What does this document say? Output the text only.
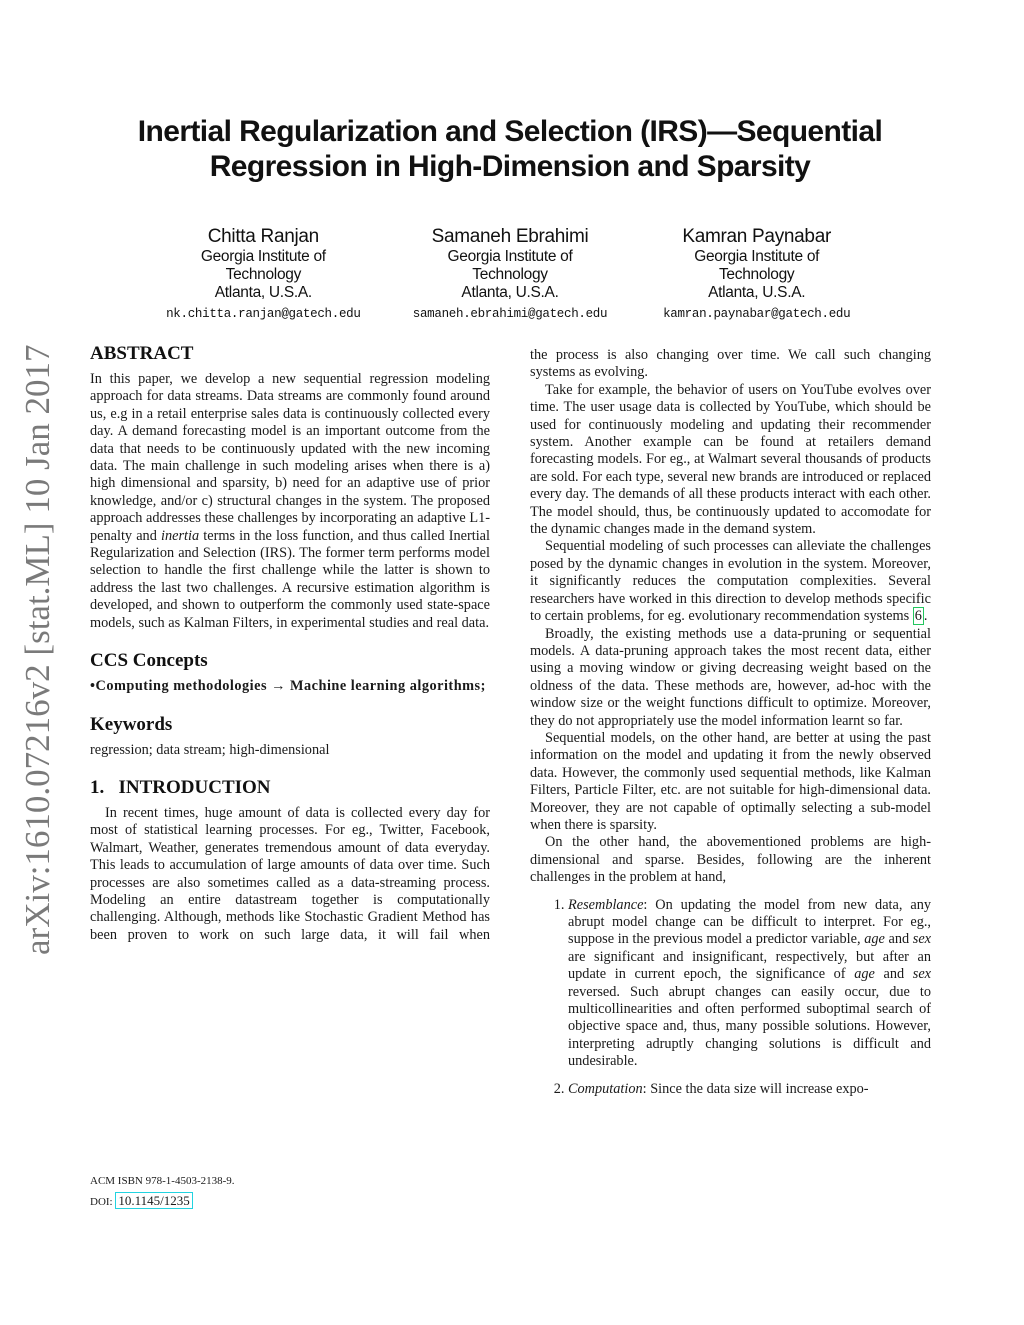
Inertial Regularization and Selection (IRS)—Sequential
Regression in High-Dimension and Sparsity
Chitta Ranjan
Georgia Institute of
Technology
Atlanta, U.S.A.
nk.chitta.ranjan@gatech.edu
Samaneh Ebrahimi
Georgia Institute of
Technology
Atlanta, U.S.A.
samaneh.ebrahimi@gatech.edu
Kamran Paynabar
Georgia Institute of
Technology
Atlanta, U.S.A.
kamran.paynabar@gatech.edu
arXiv:1610.07216v2 [stat.ML] 10 Jan 2017 ABSTRACT

In this paper, we develop a new sequential regression modeling approach for data streams. Data streams are commonly found around us, e.g in a retail enterprise sales data is continuously collected every day. A demand forecasting model is an important outcome from the data that needs to be continuously updated with the new incoming data. The main challenge in such modeling arises when there is a) high dimensional and sparsity, b) need for an adaptive use of prior knowledge, and/or c) structural changes in the system. The proposed approach addresses these challenges by incorporating an adaptive L1-penalty and inertia terms in the loss function, and thus called Inertial Regularization and Selection (IRS). The former term performs model selection to handle the first challenge while the latter is shown to address the last two challenges. A recursive estimation algorithm is developed, and shown to outperform the commonly used state-space models, such as Kalman Filters, in experimental studies and real data.

CCS Concepts

•Computing methodologies → Machine learning algorithms;

Keywords

regression; data stream; high-dimensional

1.   INTRODUCTION

In recent times, huge amount of data is collected every day for most of statistical learning processes. For eg., Twitter, Facebook, Walmart, Weather, generates tremendous amount of data everyday. This leads to accumulation of large amounts of data over time. Such processes are also sometimes called as a data-streaming process. Modeling an entire datastream together is computationally challenging. Although, methods like Stochastic Gradient Method has been proven to work on such large data, it will fail when

the process is also changing over time. We call such changing systems as evolving.

Take for example, the behavior of users on YouTube evolves over time. The user usage data is collected by YouTube, which should be used for continuously modeling and updating their recommender system. Another example can be found at retailers demand forecasting models. For eg., at Walmart several thousands of products are sold. For each type, several new brands are introduced or replaced every day. The demands of all these products interact with each other. The model should, thus, be continuously updated to accomodate for the dynamic changes made in the demand system.

Sequential modeling of such processes can alleviate the challenges posed by the dynamic changes in evolution in the system. Moreover, it significantly reduces the computation complexities. Several researchers have worked in this direction to develop methods specific to certain problems, for eg. evolutionary recommendation systems 6 .

Broadly, the existing methods use a data-pruning or sequential models. A data-pruning approach takes the most recent data, either using a moving window or giving decreasing weight based on the oldness of the data. These methods are, however, ad-hoc with the window size or the weight functions difficult to optimize. Moreover, they do not appropriately use the model information learnt so far.

Sequential models, on the other hand, are better at using the past information on the model and updating it from the newly observed data. However, the commonly used sequential methods, like Kalman Filters, Particle Filter, etc. are not suitable for high-dimensional data. Moreover, they are not capable of optimally selecting a sub-model when there is sparsity.

On the other hand, the abovementioned problems are high-dimensional and sparse. Besides, following are the inherent challenges in the problem at hand,

1. Resemblance: On updating the model from new data, any abrupt model change can be difficult to interpret. For eg., suppose in the previous model a predictor variable, age and sex are significant and insignificant, respectively, but after an update in current epoch, the significance of age and sex reversed. Such abrupt changes can easily occur, due to multicollinearities and often performed suboptimal search of objective space and, thus, many possible solutions. However, interpreting adruptly changing solutions is difficult and undesirable.
2. Computation: Since the data size will increase expo-
ACM ISBN 978-1-4503-2138-9.
DOI: 10.1145/1235
